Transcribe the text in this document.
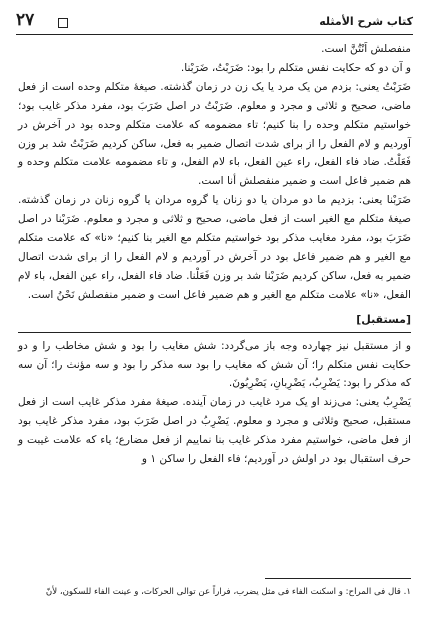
کتاب شرح الأمثله
۲۷

منفصلش اَنْتُنَّ است.

و آن دو که حکایت نفس متکلم را بود: ضَرَبْتُ، ضَرَبْنا.

ضَرَبْتُ یعنی: بزدم من یک مرد یا یک زن در زمان گذشته. صیغهٔ متکلم وحده است از فعل ماضی، صحیح و ثلاثی و مجرد و معلوم. ضَرَبْتُ در اصل ضَرَبَ بود، مفرد مذکر غایب بود؛ خواستیم متکلم وحده را بنا کنیم؛ تاء مضمومه که علامت متکلم وحده بود در آخرش در آوردیم و لام الفعل را از برای شدت اتصال ضمیر به فعل، ساکن کردیم ضَرَبْتُ شد بر وزن فَعَلْتُ. ضاد فاء الفعل، راء عین الفعل، باء لام الفعل، و تاء مضمومه علامت متکلم وحده و هم ضمیر فاعل است و ضمیر منفصلش أنا است.

ضَرَبْنا یعنی: بزدیم ما دو مردان یا دو زنان یا گروه مردان یا گروه زنان در زمان گذشته. صیغهٔ متکلم مع الغیر است از فعل ماضی، صحیح و ثلاثی و مجرد و معلوم. ضَرَبْنا در اصل ضَرَبَ بود، مفرد مغایب مذکر بود خواستیم متکلم مع الغیر بنا کنیم؛ «نا» که علامت متکلم مع الغیر و هم ضمیر فاعل بود در آخرش در آوردیم و لام الفعل را از برای شدت اتصال ضمیر به فعل، ساکن کردیم ضَرَبْنا شد بر وزن فَعَلْنا. ضاد فاء الفعل، راء عین الفعل، باء لام الفعل، «نا» علامت متکلم مع الغیر و هم ضمیر فاعل است و ضمیر منفصلش نَحْنُ است.

[مستقبل]

و از مستقبل نیز چهارده وجه باز می‌گردد: شش مغایب را بود و شش مخاطب را و دو حکایت نفس متکلم را؛ آن شش که مغایب را بود سه مذکر را بود و سه مؤنث را؛ آن سه که مذکر را بود: یَضْرِبُ، یَضْرِبانِ، یَضْرِبُونَ.

یَضْرِبُ یعنی: می‌زند او یک مرد غایب در زمان آینده. صیغهٔ مفرد مذکر غایب است از فعل مستقبل، صحیح وثلاثی و مجرد و معلوم. یَضْرِبُ در اصل ضَرَبَ بود، مفرد مذکر غایب بود از فعل ماضی، خواستیم مفرد مذکر غایب بنا نماییم از فعل مضارع؛ یاء که علامت غیبت و حرف استقبال بود در اولش در آوردیم؛ فاء الفعل را ساکن ۱ و

۱. قال فی المراح: و اسکنت الفاء فی مثل یضرب، فراراً عن توالی الحرکات، و عینت الفاء للسکون، لأنّ
